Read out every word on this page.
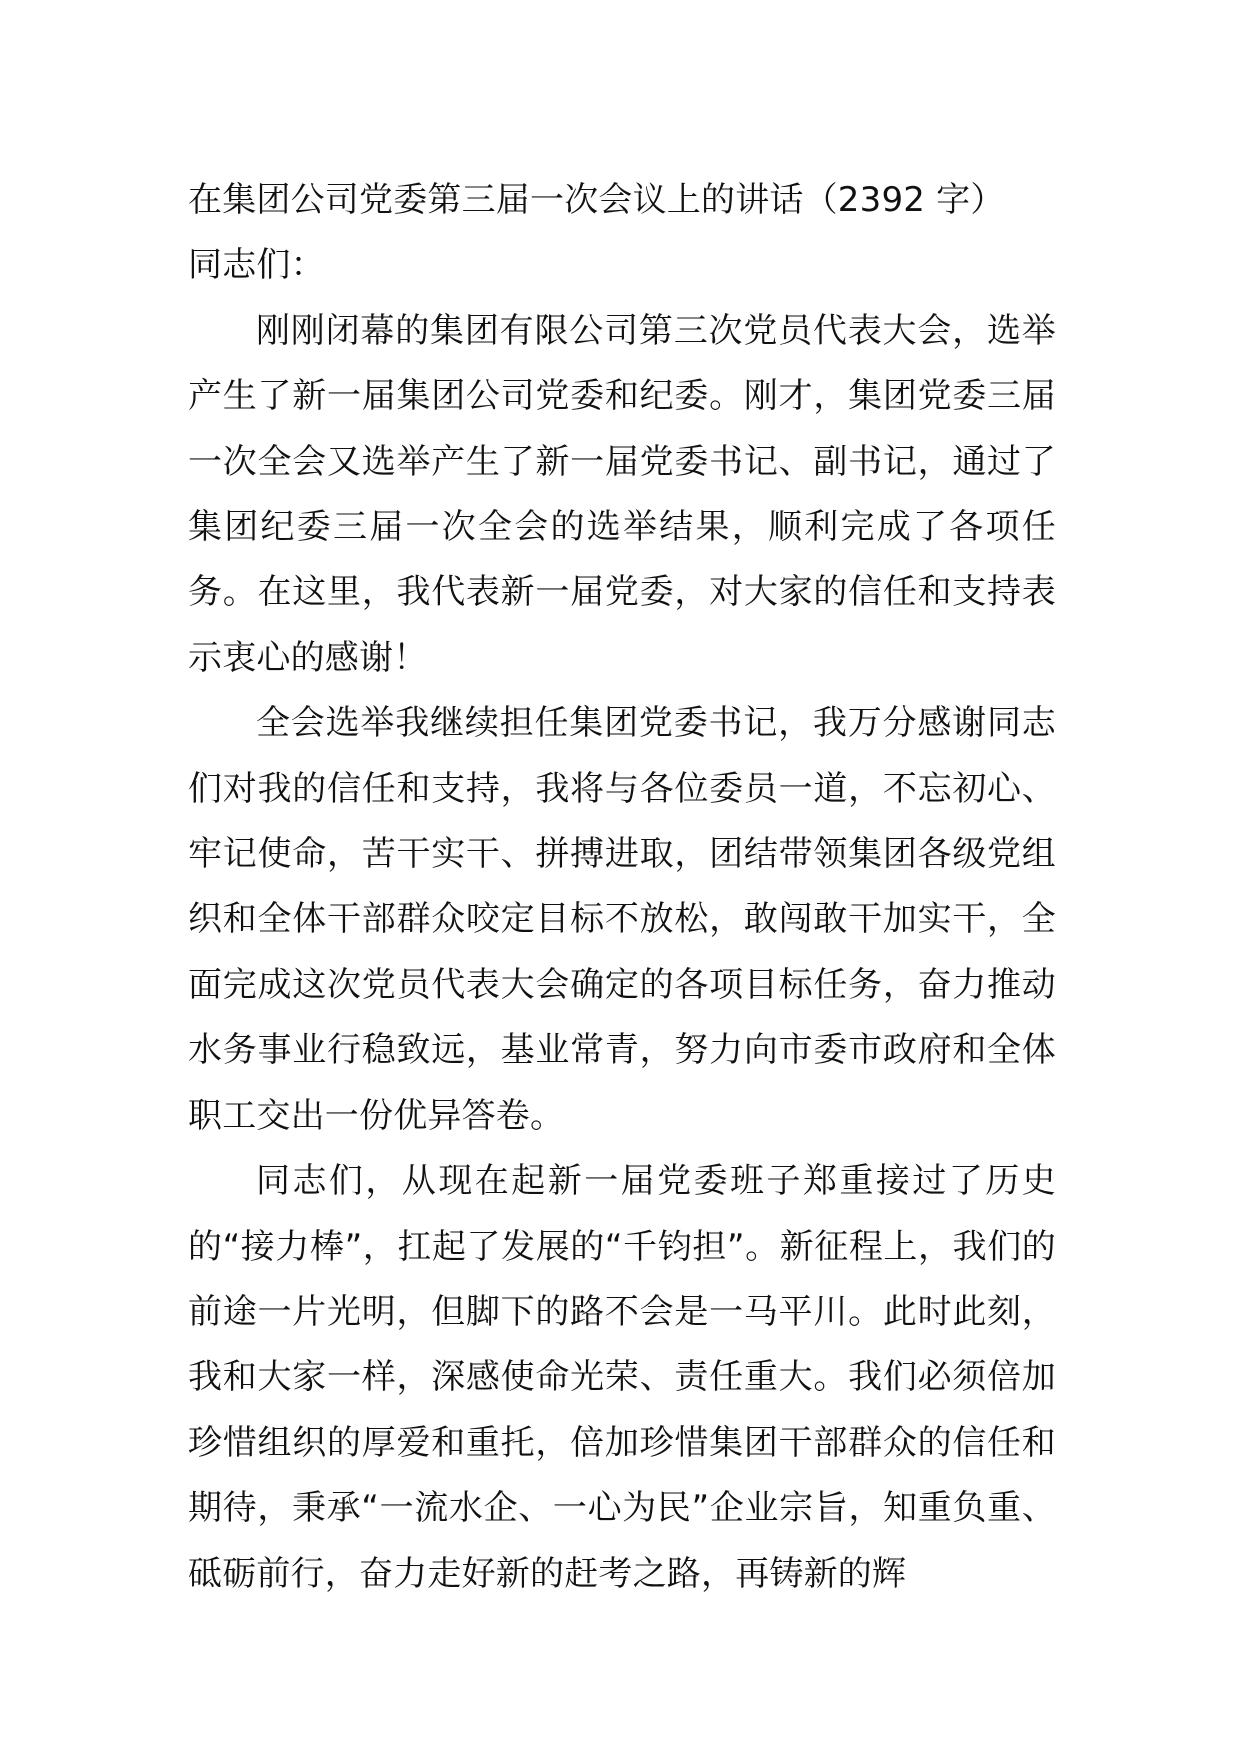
在集团公司党委第三届一次会议上的讲话（2392 字）

同志们：

刚刚闭幕的集团有限公司第三次党员代表大会，选举产生了新一届集团公司党委和纪委。刚才，集团党委三届一次全会又选举产生了新一届党委书记、副书记，通过了集团纪委三届一次全会的选举结果，顺利完成了各项任务。在这里，我代表新一届党委，对大家的信任和支持表示衷心的感谢！

全会选举我继续担任集团党委书记，我万分感谢同志们对我的信任和支持，我将与各位委员一道，不忘初心、牢记使命，苦干实干、拼搏进取，团结带领集团各级党组织和全体干部群众咬定目标不放松，敢闯敢干加实干，全面完成这次党员代表大会确定的各项目标任务，奋力推动水务事业行稳致远，基业常青，努力向市委市政府和全体职工交出一份优异答卷。

同志们，从现在起新一届党委班子郑重接过了历史的“接力棒”，扛起了发展的“千钧担”。新征程上，我们的前途一片光明，但脚下的路不会是一马平川。此时此刻，我和大家一样，深感使命光荣、责任重大。我们必须倍加珍惜组织的厚爱和重托，倍加珍惜集团干部群众的信任和期待，秉承“一流水企、一心为民”企业宗旨，知重负重、砥砺前行，奋力走好新的赶考之路，再铸新的辉
